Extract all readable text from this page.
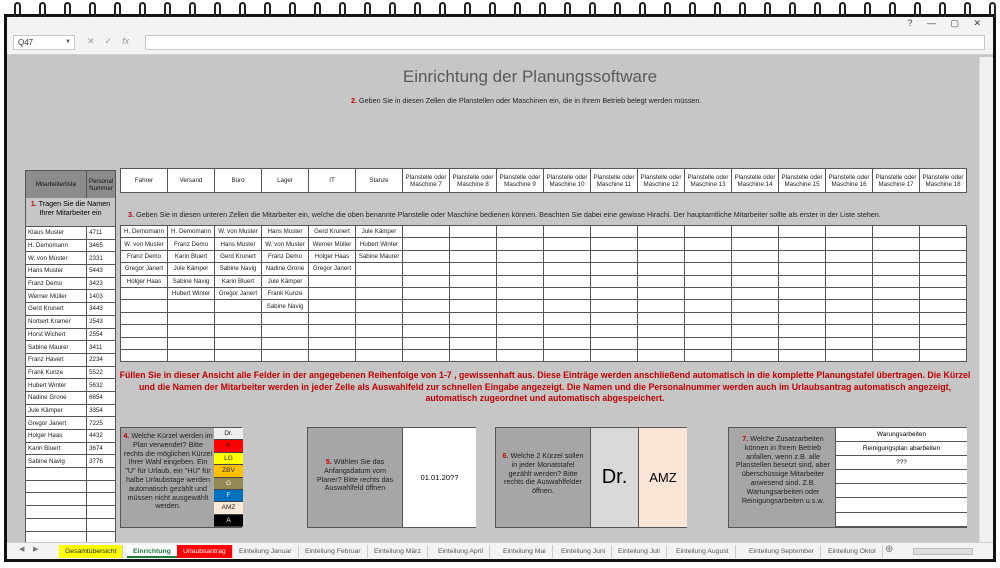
? — ▢ ✕
Q47	▼ ✕ ✓ fx
Einrichtung der Planungssoftware
2. Geben Sie in diesen Zellen die Planstellen oder Maschinen ein, die in Ihrem Betrieb belegt werden müssen.
Mitarbeiterliste	Personal Nummer

Klaus Muster	4711
H. Demomann	3465
W. von Muster	2331
Hans Muster	5443
Franz Demo	3423
Werner Müller	1403
Gerd Krunert	3443
Norbert Kramer	2543
Horst Wichert	2554
Sabine Maurer	3411
Franz Havert	2234
Frank Kunze	5522
Hubert Winter	5632
Nadine Grone	6654
Jule Kämper	3354
Gregor Janert	7225
Holger Haas	4432
Karin Bluert	3674
Sabine Navig	3776

1. Tragen Sie die Namen Ihrer Mitarbeiter ein
Fahrer	Versand	Büro	Lager	IT	Stanze	Planstelle oder Maschine 7	Planstelle oder Maschine 8	Planstelle oder Maschine 9	Planstelle oder Maschine 10	Planstelle oder Maschine 11	Planstelle oder Maschine 12	Planstelle oder Maschine 13	Planstelle oder Maschine 14	Planstelle oder Maschine 15	Planstelle oder Maschine 16	Planstelle oder Maschine 17	Planstelle oder Maschine 18
3. Geben Sie in diesen unteren Zellen die Mitarbeiter ein, welche die oben benannte Planstelle oder Maschine bedienen können. Beachten Sie dabei eine gewisse Hirachi. Der hauptamtliche Mitarbeiter sollte als erster in der Liste stehen.
H. Demomann	H. Demomann	W. von Muster	Hans Muster	Gerd Krunert	Jule Kämper												
W. von Muster	Franz Demo	Hans Muster	W. von Muster	Werner Müller	Hubert Winter												
Franz Demo	Karin Bluert	Gerd Krunert	Franz Demo	Holger Haas	Sabine Maurer												
Gregor Janert	Jule Kämper	Sabine Navig	Nadine Grone	Gregor Janert													
Holger Haas	Sabine Navig	Karin Bluert	Jule Kämper														
	Hubert Winter	Gregor Janert	Frank Kunze														
			Sabine Navig														

Füllen Sie in dieser Ansicht alle Felder in der angegebenen Reihenfolge von 1-7 , gewissenhaft aus. Diese Einträge werden anschließend automatisch in die komplette Planungstafel übertragen. Die Kürzel und die Namen der Mitarbeiter werden in jeder Zelle als Auswahlfeld zur schnellen Eingabe angezeigt. Die Namen und die Personalnummer werden auch im Urlaubsantrag automatisch angezeigt, automatisch zugeordnet und automatisch abgespeichert.
4. Welche Kürzel werden im Plan verwendet? Bitte rechts die möglichen Kürzel Ihrer Wahl eingeben. Ein "U" für Urlaub, ein "HU" für halbe Urlaubstage werden automatisch gezählt und müssen nicht ausgewählt werden.
Dr.
K
LG
ZBV
G
F
AMZ
A
5. Wählen Sie das Anfangsdatum vom Planer? Bitte rechts das Auswahlfeld öffnen
01.01.20??
6. Welche 2 Kürzel sollen in jeder Monatstafel gezählt werden? Bitte rechts die Auswahlfelder öffnen.
Dr.	AMZ
7. Welche Zusatzarbeiten können in Ihrem Betrieb anfallen, wenn z.B. alle Planstellen besetzt sind, aber überschüssige Mitarbeiter anwesend sind. Z.B. Wartungsarbeiten oder Reinigungsarbeiten u.s.w.
Warungsarbeiten
Reinigungsplan abarbeiten
???
◀ ▶	Gesamtübersicht	Einrichtung	Urlaubsantrag	Einteilung Januar	Einteilung Februar	Einteilung März	Einteilung April	Einteilung Mai	Einteilung Juni	Einteilung Juli	Einteilung August	Einteilung September	Einteilung Oktol ⊕
